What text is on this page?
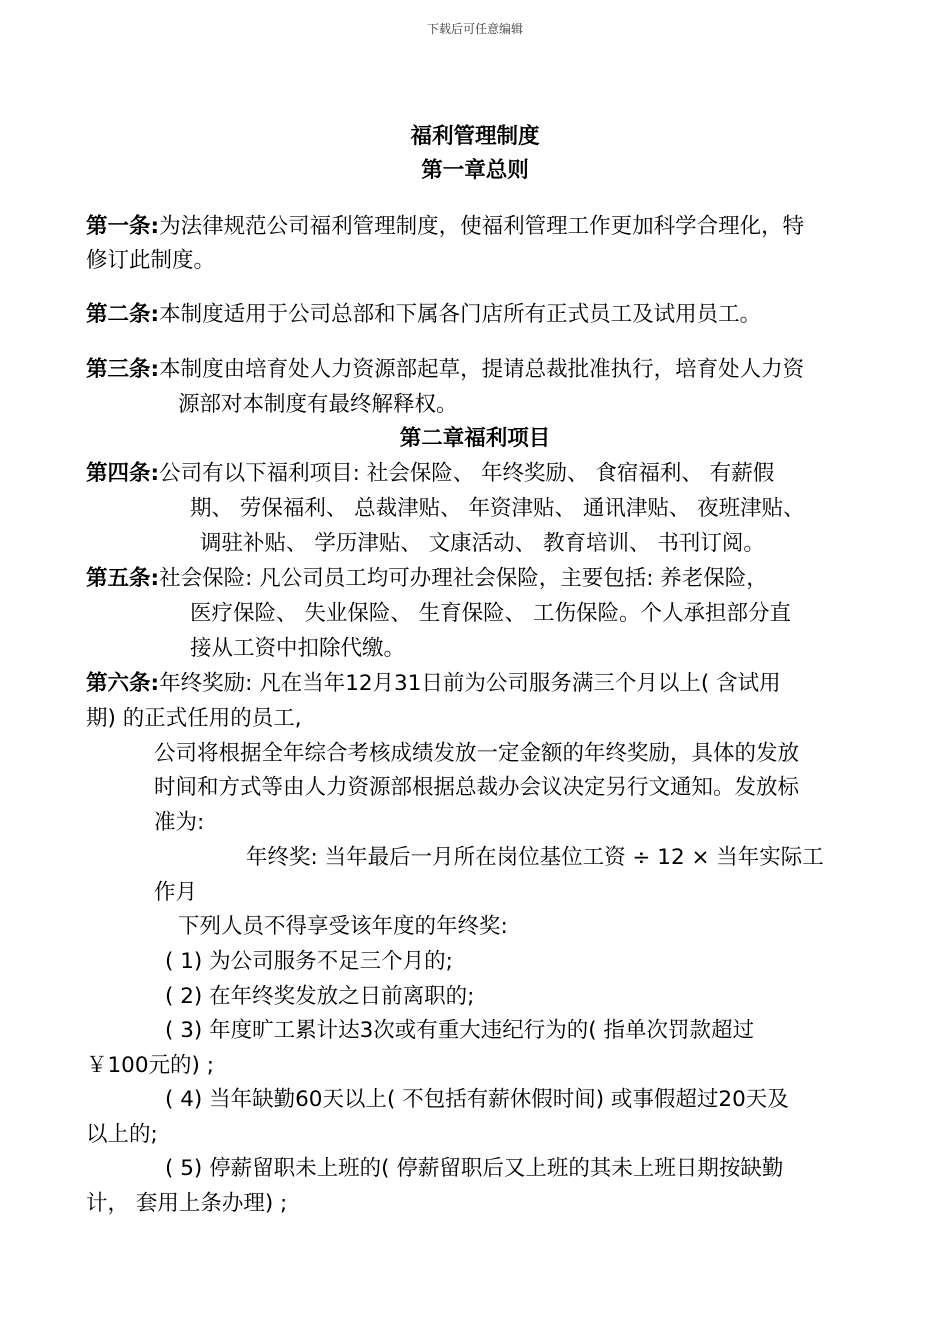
下载后可任意编辑
福利管理制度
第一章总则
第一条:为法律规范公司福利管理制度，使福利管理工作更加科学合理化，特
修订此制度。
第二条:本制度适用于公司总部和下属各门店所有正式员工及试用员工。
第三条:本制度由培育处人力资源部起草，提请总裁批准执行，培育处人力资
源部对本制度有最终解释权。
第二章福利项目
第四条:公司有以下福利项目: 社会保险、 年终奖励、 食宿福利、 有薪假
期、 劳保福利、 总裁津贴、 年资津贴、 通讯津贴、 夜班津贴、
调驻补贴、 学历津贴、 文康活动、 教育培训、 书刊订阅。
第五条:社会保险: 凡公司员工均可办理社会保险，主要包括: 养老保险，
医疗保险、 失业保险、 生育保险、 工伤保险。个人承担部分直
接从工资中扣除代缴。
第六条:年终奖励: 凡在当年12月31日前为公司服务满三个月以上( 含试用
期) 的正式任用的员工,
公司将根据全年综合考核成绩发放一定金额的年终奖励，具体的发放
时间和方式等由人力资源部根据总裁办会议决定另行文通知。发放标
准为:
年终奖: 当年最后一月所在岗位基位工资 ÷ 12 × 当年实际工
作月
下列人员不得享受该年度的年终奖:
( 1) 为公司服务不足三个月的;
( 2) 在年终奖发放之日前离职的;
( 3) 年度旷工累计达3次或有重大违纪行为的( 指单次罚款超过
￥100元的) ;
( 4) 当年缺勤60天以上( 不包括有薪休假时间) 或事假超过20天及
以上的;
( 5) 停薪留职未上班的( 停薪留职后又上班的其未上班日期按缺勤
计， 套用上条办理) ;
